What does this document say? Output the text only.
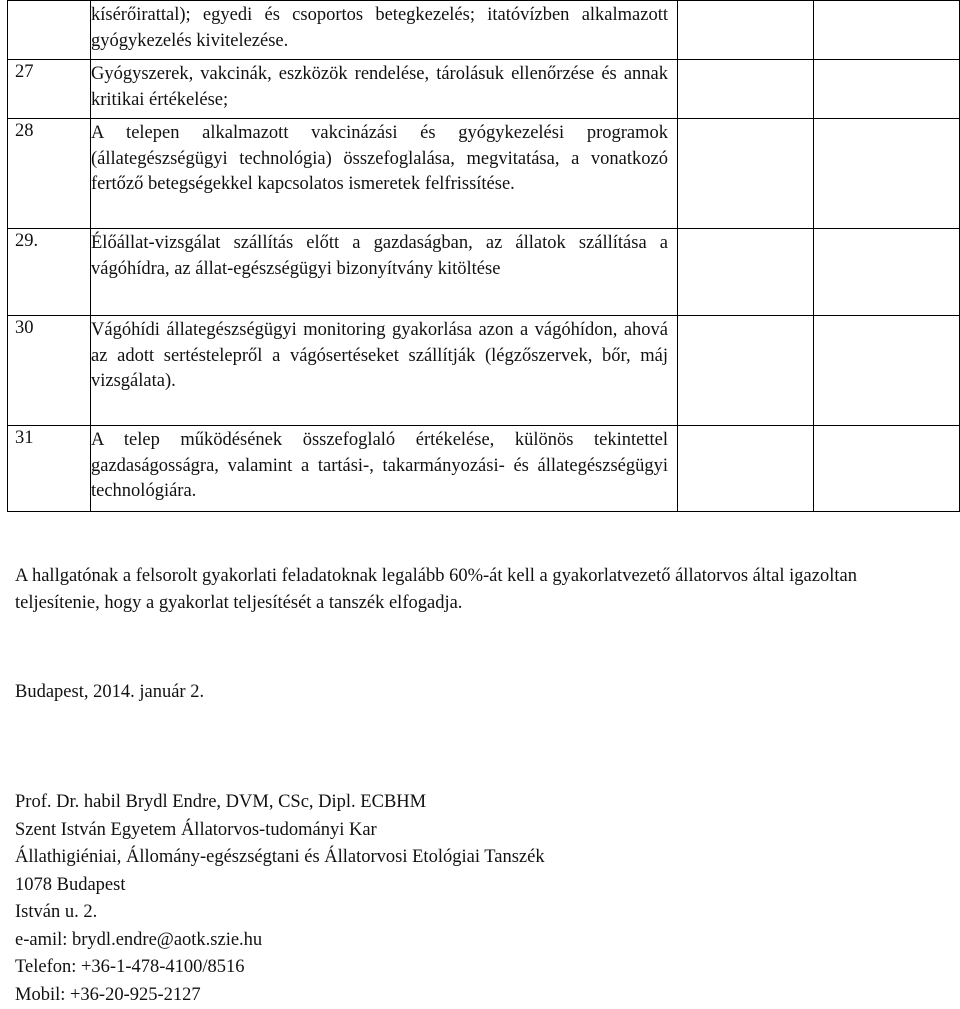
	kísérőirattal); egyedi és csoportos betegkezelés; itatóvízben alkalmazott gyógykezelés kivitelezése.		
27	Gyógyszerek, vakcinák, eszközök rendelése, tárolásuk ellenőrzése és annak kritikai értékelése;		
28	A telepen alkalmazott vakcinázási és gyógykezelési programok (állategészségügyi technológia) összefoglalása, megvitatása, a vonatkozó fertőző betegségekkel kapcsolatos ismeretek felfrissítése.		
29.	Élőállat-vizsgálat szállítás előtt a gazdaságban, az állatok szállítása a vágóhídra, az állat-egészségügyi bizonyítvány kitöltése		
30	Vágóhídi állategészségügyi monitoring gyakorlása azon a vágóhídon, ahová az adott sertéstelepről a vágósertéseket szállítják (légzőszervek, bőr, máj vizsgálata).		
31	A telep működésének összefoglaló értékelése, különös tekintettel gazdaságosságra, valamint a tartási-, takarmányozási- és állategészségügyi technológiára.		
A hallgatónak a felsorolt gyakorlati feladatoknak legalább 60%-át kell a gyakorlatvezető állatorvos által igazoltan teljesítenie, hogy a gyakorlat teljesítését a tanszék elfogadja.
Budapest, 2014. január 2.
Prof. Dr. habil Brydl Endre, DVM, CSc, Dipl. ECBHM
Szent István Egyetem Állatorvos-tudományi Kar
Állathigiéniai, Állomány-egészségtani és Állatorvosi Etológiai Tanszék
1078 Budapest
István u. 2.
e-amil: brydl.endre@aotk.szie.hu
Telefon: +36-1-478-4100/8516
Mobil: +36-20-925-2127
